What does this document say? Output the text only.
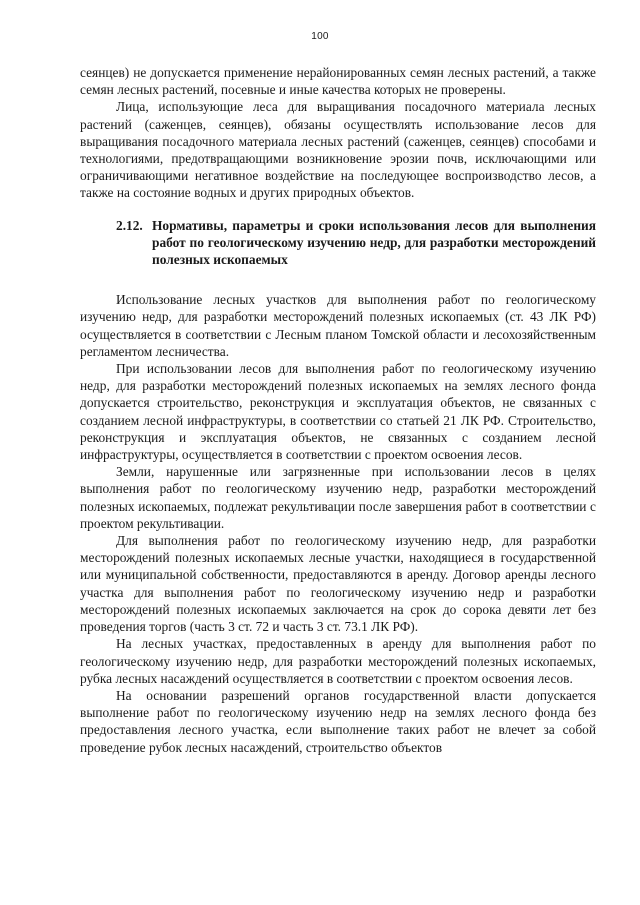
100

сеянцев) не допускается применение нерайонированных семян лесных растений, а также семян лесных растений, посевные и иные качества которых не проверены.

Лица, использующие леса для выращивания посадочного материала лесных растений (саженцев, сеянцев), обязаны осуществлять использование лесов для выращивания посадочного материала лесных растений (саженцев, сеянцев) способами и технологиями, предотвращающими возникновение эрозии почв, исключающими или ограничивающими негативное воздействие на последующее воспроизводство лесов, а также на состояние водных и других природных объектов.

2.12. Нормативы, параметры и сроки использования лесов для выполнения работ по геологическому изучению недр, для разработки месторождений полезных ископаемых

Использование лесных участков для выполнения работ по геологическому изучению недр, для разработки месторождений полезных ископаемых (ст. 43 ЛК РФ) осуществляется в соответствии с Лесным планом Томской области и лесохозяйственным регламентом лесничества.

При использовании лесов для выполнения работ по геологическому изучению недр, для разработки месторождений полезных ископаемых на землях лесного фонда допускается строительство, реконструкция и эксплуатация объектов, не связанных с созданием лесной инфраструктуры, в соответствии со статьей 21 ЛК РФ. Строительство, реконструкция и эксплуатация объектов, не связанных с созданием лесной инфраструктуры, осуществляется в соответствии с проектом освоения лесов.

Земли, нарушенные или загрязненные при использовании лесов в целях выполнения работ по геологическому изучению недр, разработки месторождений полезных ископаемых, подлежат рекультивации после завершения работ в соответствии с проектом рекультивации.

Для выполнения работ по геологическому изучению недр, для разработки месторождений полезных ископаемых лесные участки, находящиеся в государственной или муниципальной собственности, предоставляются в аренду. Договор аренды лесного участка для выполнения работ по геологическому изучению недр и разработки месторождений полезных ископаемых заключается на срок до сорока девяти лет без проведения торгов (часть 3 ст. 72 и часть 3 ст. 73.1 ЛК РФ).

На лесных участках, предоставленных в аренду для выполнения работ по геологическому изучению недр, для разработки месторождений полезных ископаемых, рубка лесных насаждений осуществляется в соответствии с проектом освоения лесов.

На основании разрешений органов государственной власти допускается выполнение работ по геологическому изучению недр на землях лесного фонда без предоставления лесного участка, если выполнение таких работ не влечет за собой проведение рубок лесных насаждений, строительство объектов
